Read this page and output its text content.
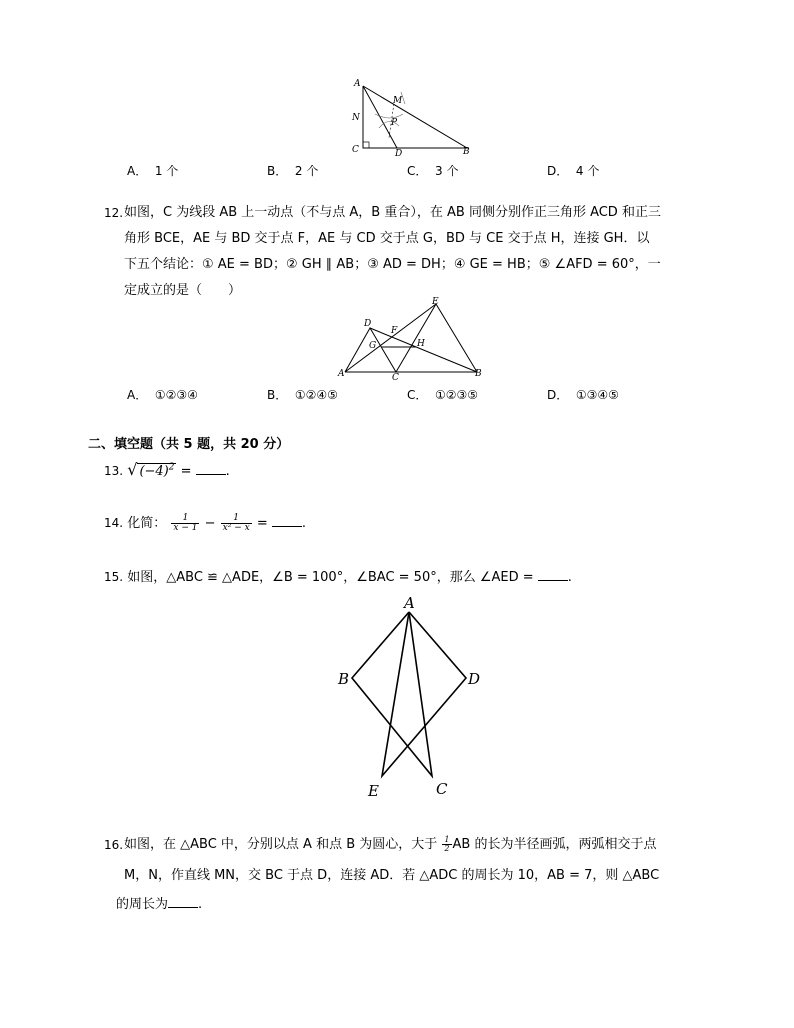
A
M
N	P
C	D	B
A． 1 个	B． 2 个	C． 3 个	D． 4 个
12. 如图，C 为线段 AB 上一动点（不与点 A，B 重合），在 AB 同侧分别作正三角形 ACD 和正三
角形 BCE，AE 与 BD 交于点 F，AE 与 CD 交于点 G，BD 与 CE 交于点 H，连接 GH．以
下五个结论：① AE = BD；② GH ∥ AB；③ AD = DH；④ GE = HB；⑤ ∠AFD = 60°，一
定成立的是（　　）
E
D
F
G	H
A	C	B
A． ①②③④	B． ①②④⑤	C． ①②③⑤	D． ①③④⑤
二、填空题（共 5 题，共 20 分）
13. √ $(-4)^2$ =	.
14. 化简： $\frac{1}{x - 1} - \frac{1}{\text{x² − x}}$ =	.
15. 如图，△ABC ≌ △ADE，∠B = 100°，∠BAC = 50°，那么 ∠AED =	.
A
B	D
E	C
16. 如图，在 △ABC 中，分别以点 A 和点 B 为圆心，大于 $\frac{1}{2}$ AB 的长为半径画弧，两弧相交于点
M，N，作直线 MN，交 BC 于点 D，连接 AD．若 △ADC 的周长为 10，AB = 7，则 △ABC
的周长为 .
